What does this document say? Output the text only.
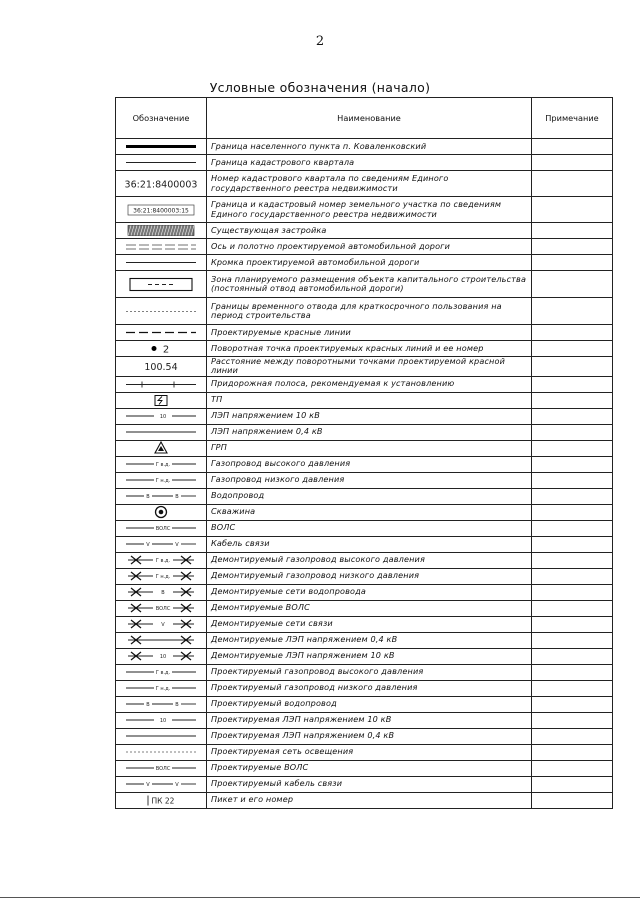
2
Условные обозначения (начало)
Обозначение	Наименование	Примечание

	Граница населенного пункта п. Коваленковский	

	Граница кадастрового квартала	

36:21:8400003	Номер кадастрового квартала по сведениям Единого государственного реестра недвижимости	

36:21:8400003:15	Граница и кадастровый номер земельного участка по сведениям Единого государственного реестра недвижимости	

	Существующая застройка	

	Ось и полотно проектируемой автомобильной дороги	

	Кромка проектируемой автомобильной дороги	

	Зона планируемого размещения объекта капитального строительства (постоянный отвод автомобильной дороги)	

	Границы временного отвода для краткосрочного пользования на период строительства	

	Проектируемые красные линии	

2	Поворотная точка проектируемых красных линий и ее номер	

100.54	Расстояние между поворотными точками проектируемой красной линии	

	Придорожная полоса, рекомендуемая к установлению	

	ТП	

10	ЛЭП напряжением 10 кВ	

	ЛЭП напряжением 0,4 кВ	

	ГРП	

Г в.д.	Газопровод высокого давления	

Г н.д.	Газопровод низкого давления	

В В	Водопровод	

	Скважина	

ВОЛС	ВОЛС	

V V	Кабель связи	

Г в.д.	Демонтируемый газопровод высокого давления	

Г н.д.	Демонтируемый газопровод низкого давления	

В	Демонтируемые сети водопровода	

ВОЛС	Демонтируемые ВОЛС	

V	Демонтируемые сети связи	

	Демонтируемые ЛЭП напряжением 0,4 кВ	

10	Демонтируемые ЛЭП напряжением 10 кВ	

Г в.д.	Проектируемый газопровод высокого давления	

Г н.д.	Проектируемый газопровод низкого давления	

В В	Проектируемый водопровод	

10	Проектируемая ЛЭП напряжением 10 кВ	

	Проектируемая ЛЭП напряжением 0,4 кВ	

	Проектируемая сеть освещения	

ВОЛС	Проектируемые ВОЛС	

V V	Проектируемый кабель связи	

ПК 22	Пикет и его номер	
